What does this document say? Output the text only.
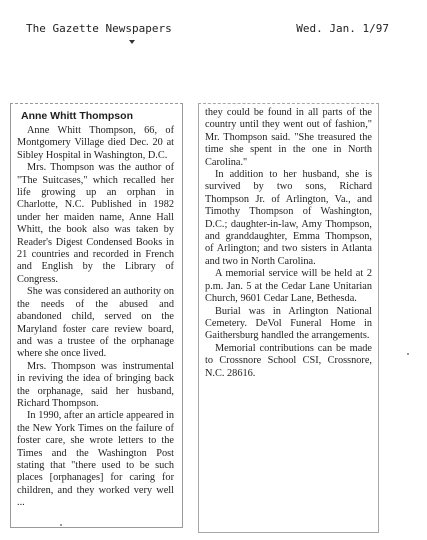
The Gazette Newspapers	Wed. Jan. 1/97
Anne Whitt Thompson

Anne Whitt Thompson, 66, of Montgomery Village died Dec. 20 at Sibley Hospital in Washington, D.C.

Mrs. Thompson was the author of "The Suitcases," which recalled her life growing up an orphan in Charlotte, N.C. Published in 1982 under her maiden name, Anne Hall Whitt, the book also was taken by Reader's Digest Condensed Books in 21 countries and recorded in French and English by the Library of Congress.

She was considered an authority on the needs of the abused and abandoned child, served on the Maryland foster care review board, and was a trustee of the orphanage where she once lived.

Mrs. Thompson was instrumental in reviving the idea of bringing back the orphanage, said her husband, Richard Thompson.

In 1990, after an article appeared in the New York Times on the failure of foster care, she wrote letters to the Times and the Washington Post stating that "there used to be such places [orphanages] for caring for children, and they worked very well ...

they could be found in all parts of the country until they went out of fashion," Mr. Thompson said. "She treasured the time she spent in the one in North Carolina."

In addition to her husband, she is survived by two sons, Richard Thompson Jr. of Arlington, Va., and Timothy Thompson of Washington, D.C.; daughter-in-law, Amy Thompson, and granddaughter, Emma Thompson, of Arlington; and two sisters in Atlanta and two in North Carolina.

A memorial service will be held at 2 p.m. Jan. 5 at the Cedar Lane Unitarian Church, 9601 Cedar Lane, Bethesda.

Burial was in Arlington National Cemetery. DeVol Funeral Home in Gaithersburg handled the arrangements.

Memorial contributions can be made to Crossnore School CSI, Crossnore, N.C. 28616.
